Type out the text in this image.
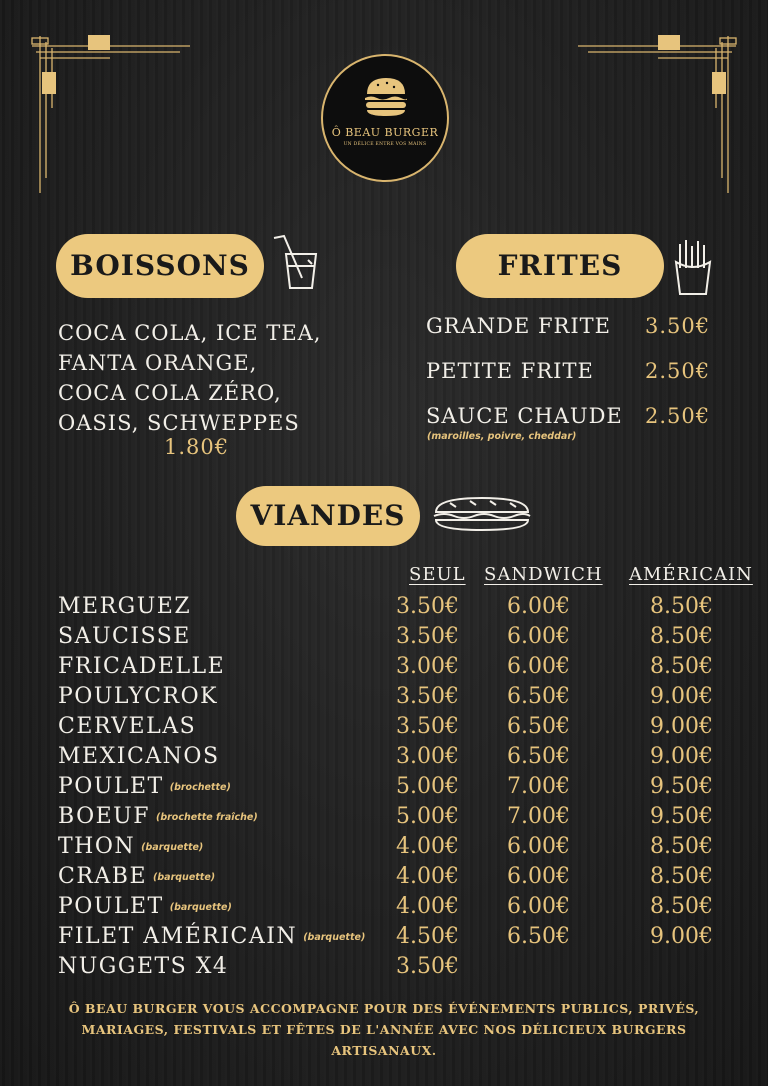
Ô BEAU BURGER
UN DÉLICE ENTRE VOS MAINS
BOISSONS
COCA COLA, ICE TEA,
FANTA ORANGE,
COCA COLA ZÉRO,
OASIS, SCHWEPPES
1.80€
FRITES
GRANDE FRITE 3.50€
PETITE FRITE 2.50€
SAUCE CHAUDE 2.50€
(maroilles, poivre, cheddar)
VIANDES
SEUL SANDWICH AMÉRICAIN
MERGUEZ	3.50€ 6.00€	8.50€
SAUCISSE	3.50€ 6.00€	8.50€
FRICADELLE	3.00€ 6.00€	8.50€
POULYCROK	3.50€ 6.50€	9.00€
CERVELAS	3.50€ 6.50€	9.00€
MEXICANOS	3.00€ 6.50€	9.00€
POULET (brochette)	5.00€ 7.00€	9.50€
BOEUF (brochette fraîche)	5.00€ 7.00€	9.50€
THON (barquette)	4.00€ 6.00€	8.50€
CRABE (barquette)	4.00€ 6.00€	8.50€
POULET (barquette)	4.00€ 6.00€	8.50€
FILET AMÉRICAIN (barquette) 4.50€ 6.50€	9.00€
NUGGETS X4	3.50€
Ô BEAU BURGER VOUS ACCOMPAGNE POUR DES ÉVÉNEMENTS PUBLICS, PRIVÉS,
MARIAGES, FESTIVALS ET FÊTES DE L'ANNÉE AVEC NOS DÉLICIEUX BURGERS
ARTISANAUX.
